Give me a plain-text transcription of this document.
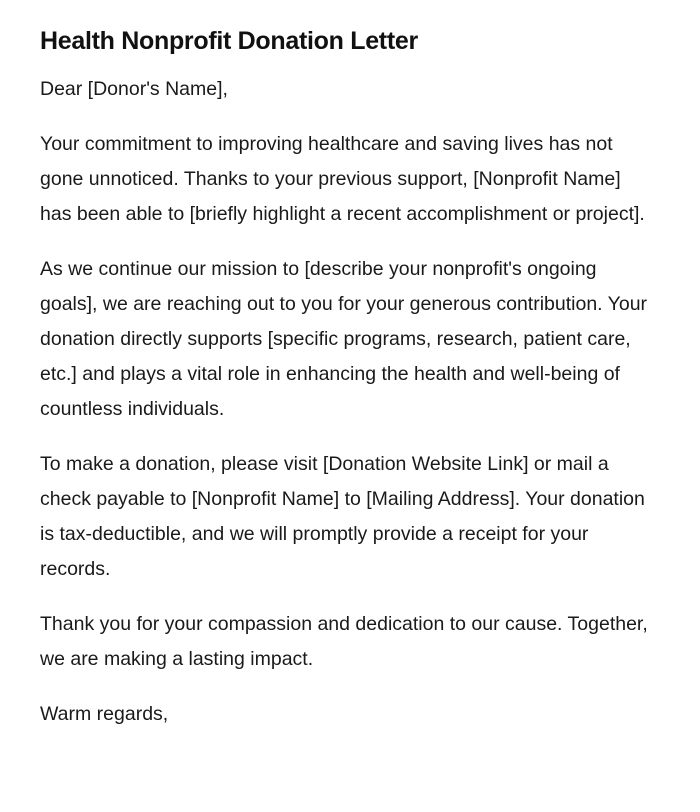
Health Nonprofit Donation Letter

Dear [Donor's Name],

Your commitment to improving healthcare and saving lives has not gone unnoticed. Thanks to your previous support, [Nonprofit Name] has been able to [briefly highlight a recent accomplishment or project].

As we continue our mission to [describe your nonprofit's ongoing goals], we are reaching out to you for your generous contribution. Your donation directly supports [specific programs, research, patient care, etc.] and plays a vital role in enhancing the health and well-being of countless individuals.

To make a donation, please visit [Donation Website Link] or mail a check payable to [Nonprofit Name] to [Mailing Address]. Your donation is tax-deductible, and we will promptly provide a receipt for your records.

Thank you for your compassion and dedication to our cause. Together, we are making a lasting impact.

Warm regards,
